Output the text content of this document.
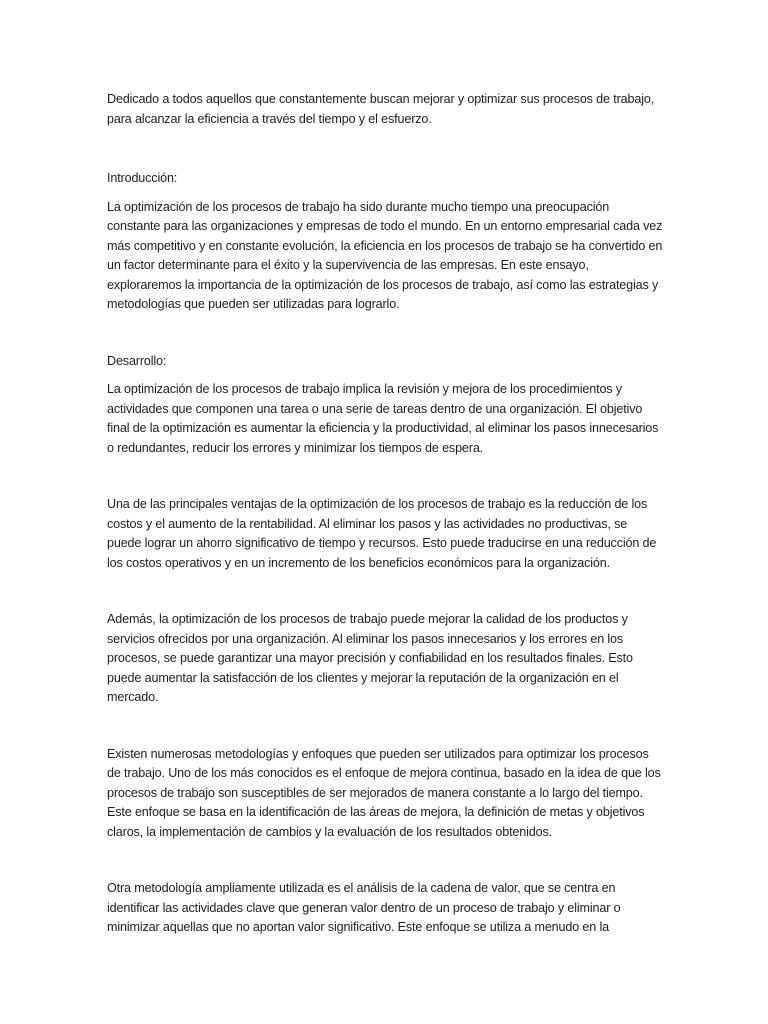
Dedicado a todos aquellos que constantemente buscan mejorar y optimizar sus procesos de trabajo, para alcanzar la eficiencia a través del tiempo y el esfuerzo.

Introducción:

La optimización de los procesos de trabajo ha sido durante mucho tiempo una preocupación constante para las organizaciones y empresas de todo el mundo. En un entorno empresarial cada vez más competitivo y en constante evolución, la eficiencia en los procesos de trabajo se ha convertido en un factor determinante para el éxito y la supervivencia de las empresas. En este ensayo, exploraremos la importancia de la optimización de los procesos de trabajo, así como las estrategias y metodologías que pueden ser utilizadas para lograrlo.

Desarrollo:

La optimización de los procesos de trabajo implica la revisión y mejora de los procedimientos y actividades que componen una tarea o una serie de tareas dentro de una organización. El objetivo final de la optimización es aumentar la eficiencia y la productividad, al eliminar los pasos innecesarios o redundantes, reducir los errores y minimizar los tiempos de espera.

Una de las principales ventajas de la optimización de los procesos de trabajo es la reducción de los costos y el aumento de la rentabilidad. Al eliminar los pasos y las actividades no productivas, se puede lograr un ahorro significativo de tiempo y recursos. Esto puede traducirse en una reducción de los costos operativos y en un incremento de los beneficios económicos para la organización.

Además, la optimización de los procesos de trabajo puede mejorar la calidad de los productos y servicios ofrecidos por una organización. Al eliminar los pasos innecesarios y los errores en los procesos, se puede garantizar una mayor precisión y confiabilidad en los resultados finales. Esto puede aumentar la satisfacción de los clientes y mejorar la reputación de la organización en el mercado.

Existen numerosas metodologías y enfoques que pueden ser utilizados para optimizar los procesos de trabajo. Uno de los más conocidos es el enfoque de mejora continua, basado en la idea de que los procesos de trabajo son susceptibles de ser mejorados de manera constante a lo largo del tiempo. Este enfoque se basa en la identificación de las áreas de mejora, la definición de metas y objetivos claros, la implementación de cambios y la evaluación de los resultados obtenidos.

Otra metodología ampliamente utilizada es el análisis de la cadena de valor, que se centra en identificar las actividades clave que generan valor dentro de un proceso de trabajo y eliminar o minimizar aquellas que no aportan valor significativo. Este enfoque se utiliza a menudo en la
